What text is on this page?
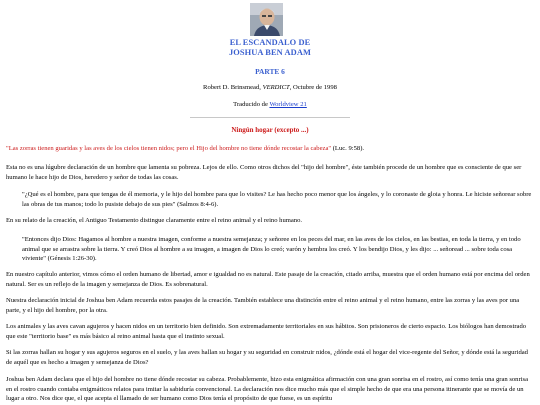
EL ESCANDALO DE
JOSHUA BEN ADAM
PARTE 6
Robert D. Brinsmead, VERDICT, Octubre de 1998
Traducido de Worldview 21
Ningún hogar (excepto ...)
"Las zorras tienen guaridas y las aves de los cielos tienen nidos; pero el Hijo del hombre no tiene dónde recostar la cabeza" (Luc. 9:58).
Esta no es una lúgubre declaración de un hombre que lamenta su pobreza. Lejos de ello. Como otros dichos del "hijo del hombre", éste también procede de un hombre que es consciente de que ser humano le hace hijo de Dios, heredero y señor de todas las cosas.
"¿Qué es el hombre, para que tengas de él memoria, y le hijo del hombre para que lo visites? Le has hecho poco menor que los ángeles, y lo coronaste de gloia y honra. Le hiciste señorear sobre las obras de tus manos; todo lo pusiste debajo de sus pies" (Salmos 8:4-6).
En su relato de la creación, el Antiguo Testamento distingue claramente entre el reino animal y el reino humano.
"Entonces dijo Dios: Hagamos al hombre a nuestra imagen, conforme a nuestra semejanza; y señoree en los peces del mar, en las aves de los cielos, en las bestias, en toda la tierra, y en todo animal que se arrastra sobre la tierra. Y creó Dios al hombre a su imagen, a imagen de Dios lo creó; varón y hembra los creó. Y los bendijo Dios, y les dijo: ... señoread ... sobre toda cosa viviente" (Génesis 1:26-30).
En nuestro capítulo anterior, vimos cómo el orden humano de libertad, amor e igualdad no es natural. Este pasaje de la creación, citado arriba, muestra que el orden humano está por encima del orden natural. Ser es un reflejo de la imagen y semejanza de Dios. Es sobrenatural.
Nuestra declaración inicial de Joshua ben Adam recuerda estos pasajes de la creación. También establece una distinción entre el reino animal y el reino humano, entre las zorras y las aves por una parte, y el hijo del hombre, por la otra.
Los animales y las aves cavan agujeros y hacen nidos en un territorio bien definido. Son extremadamente territoriales en sus hábitos. Son prisioneros de cierto espacio. Los biólogos han demostrado que este "territorio base" es más básico al reino animal hasta que el instinto sexual.
Si las zorras hallan su hogar y sus agujeros seguros en el suelo, y las aves hallan su hogar y su seguridad en construir nidos, ¿dónde está el hogar del vice-regente del Señor, y dónde está la seguridad de aquél que es hecho a imagen y semejanza de Dios?
Joshua ben Adam declara que el hijo del hombre no tiene dónde recostar su cabeza. Probablemente, hizo esta enigmática afirmación con una gran sonrisa en el rostro, así como tenía una gran sonrisa en el rostro cuando contaba enigmáticos relatos para imitar la sabiduría convencional. La declaración nos dice mucho más que el simple hecho de que era una persona itinerante que se movía de un lugar a otro. Nos dice que, el que acepta el llamado de ser humano como Dios tenía el propósito de que fuese, es un espíritu
